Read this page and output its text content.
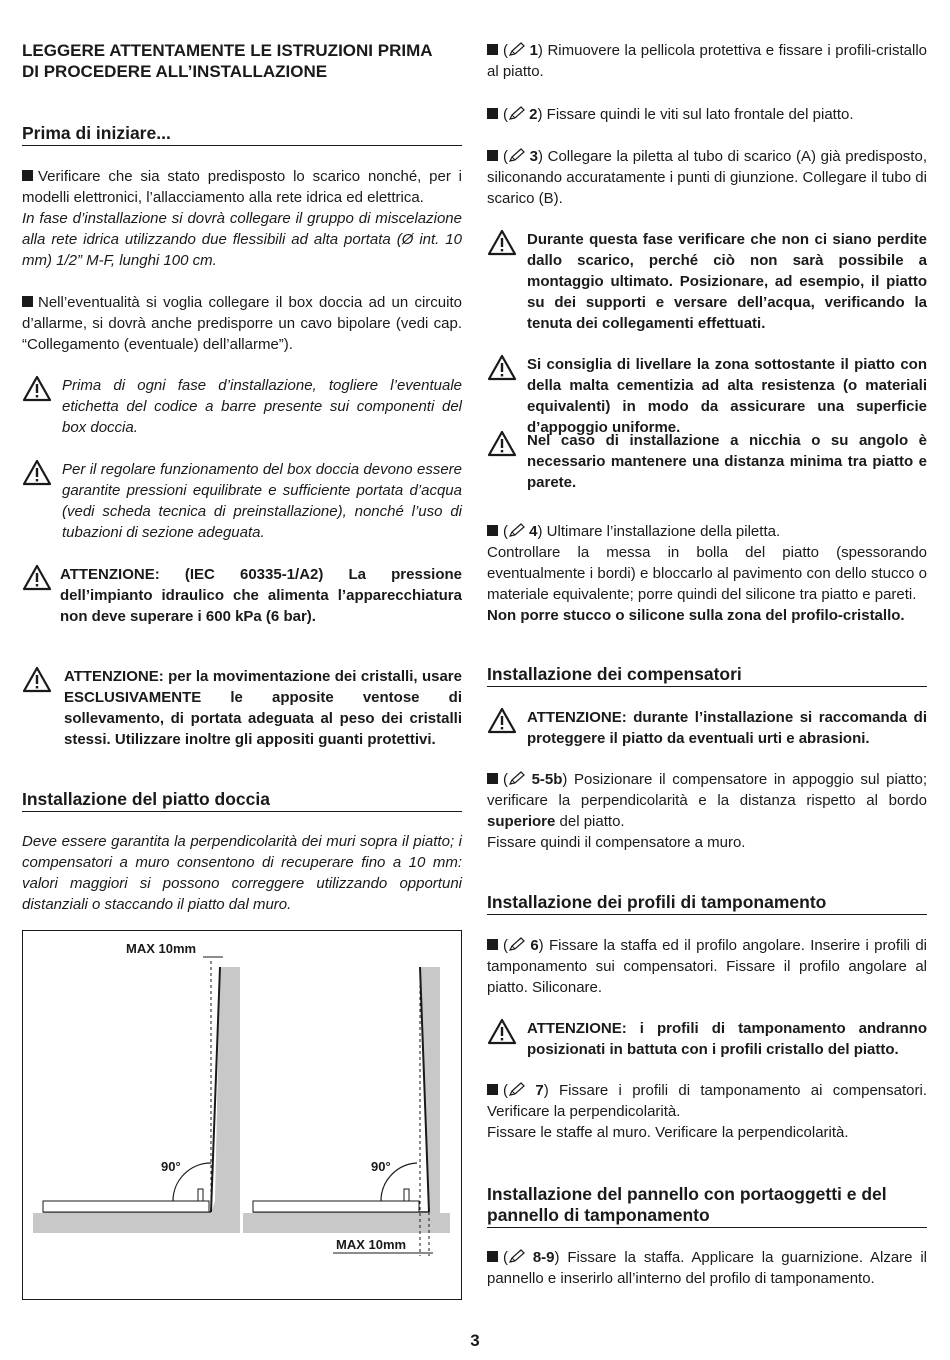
LEGGERE ATTENTAMENTE LE ISTRUZIONI PRIMA
DI PROCEDERE ALL’INSTALLAZIONE
Prima di iniziare...
Verificare che sia stato predisposto lo scarico nonché, per i modelli elettronici, l’allacciamento alla rete idrica ed elettrica.
In fase d’installazione si dovrà collegare il gruppo di miscelazione alla rete idrica utilizzando due flessibili ad alta portata (Ø int. 10 mm) 1/2” M-F, lunghi 100 cm.
Nell’eventualità si voglia collegare il box doccia ad un circuito d’allarme, si dovrà anche predisporre un cavo bipolare (vedi cap. “Collegamento (eventuale) dell’allarme”).
Prima di ogni fase d’installazione, togliere l’eventuale etichetta del codice a barre presente sui componenti del box doccia.
Per il regolare funzionamento del box doccia devono essere garantite pressioni equilibrate e sufficiente portata d’acqua (vedi scheda tecnica di preinstallazione), nonché l’uso di tubazioni di sezione adeguata.
ATTENZIONE: (IEC 60335-1/A2) La pressione dell’impianto idraulico che alimenta l’apparecchiatura non deve superare i 600 kPa (6 bar).
ATTENZIONE: per la movimentazione dei cristalli, usare ESCLUSIVAMENTE le apposite ventose di sollevamento, di portata adeguata al peso dei cristalli stessi. Utilizzare inoltre gli appositi guanti protettivi.
Installazione del piatto doccia
Deve essere garantita la perpendicolarità dei muri sopra il piatto; i compensatori a muro consentono di recuperare fino a 10 mm: valori maggiori si possono correggere utilizzando opportuni distanziali o staccando il piatto dal muro.
MAX 10mm
90°
MAX 10mm
90°
( 1) Rimuovere la pellicola protettiva e fissare i profili-cristallo al piatto.
( 2) Fissare quindi le viti sul lato frontale del piatto.
( 3) Collegare la piletta al tubo di scarico (A) già predisposto, siliconando accuratamente i punti di giunzione. Collegare il tubo di scarico (B).
Durante questa fase verificare che non ci siano perdite dallo scarico, perché ciò non sarà possibile a montaggio ultimato. Posizionare, ad esempio, il piatto su dei supporti e versare dell’acqua, verificando la tenuta dei collegamenti effettuati.
Si consiglia di livellare la zona sottostante il piatto con della malta cementizia ad alta resistenza (o materiali equivalenti) in modo da assicurare una superficie d’appoggio uniforme.
Nel caso di installazione a nicchia o su angolo è necessario mantenere una distanza minima tra piatto e parete.
( 4) Ultimare l’installazione della piletta.
Controllare la messa in bolla del piatto (spessorando eventualmente i bordi) e bloccarlo al pavimento con dello stucco o materiale equivalente; porre quindi del silicone tra piatto e pareti.
Non porre stucco o silicone sulla zona del profilo-cristallo.
Installazione dei compensatori
ATTENZIONE: durante l’installazione si raccomanda di proteggere il piatto da eventuali urti e abrasioni.
( 5-5b) Posizionare il compensatore in appoggio sul piatto; verificare la perpendicolarità e la distanza rispetto al bordo superiore del piatto.
Fissare quindi il compensatore a muro.
Installazione dei profili di tamponamento
( 6) Fissare la staffa ed il profilo angolare. Inserire i profili di tamponamento sui compensatori. Fissare il profilo angolare al piatto. Siliconare.
ATTENZIONE: i profili di tamponamento andranno posizionati in battuta con i profili cristallo del piatto.
( 7) Fissare i profili di tamponamento ai compensatori. Verificare la perpendicolarità.
Fissare le staffe al muro. Verificare la perpendicolarità.
Installazione del pannello con portaoggetti e del
pannello di tamponamento
( 8-9) Fissare la staffa. Applicare la guarnizione. Alzare il pannello e inserirlo all’interno del profilo di tamponamento.
3
